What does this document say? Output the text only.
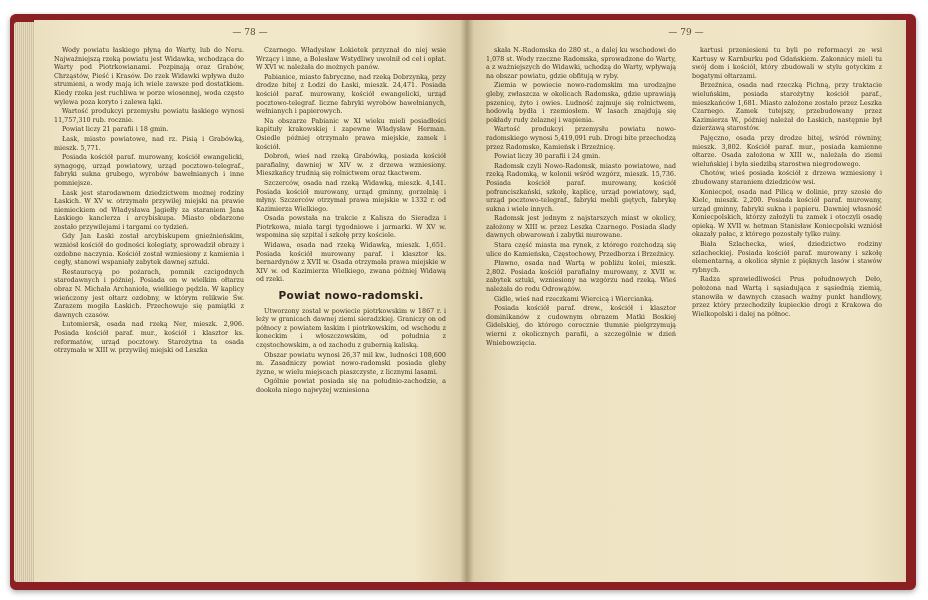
— 78 —

Wody powiatu łaskiego płyną do Warty, lub do Neru. Najważniejszą rzeką powiatu jest Widawka, wchodząca do Warty pod Piotrkowianami. Pozpinają oraz Grabów, Chrząstów, Pieść i Krasów. Do rzek Widawki wpływa dużo strumieni, a wody mają ich wiele zawsze pod dostatkiem. Kiedy rzeka jest ruchliwa w porze wiosennej, woda często wylewa poza koryto i zalewa łąki.

Wartość produkcyi przemysłu powiatu łaskiego wynosi 11,757,310 rub. rocznie.

Powiat liczy 21 parafii i 18 gmin.

Łask, miasto powiatowe, nad rz. Pisią i Grabówką, mieszk. 5,771.

Posiada kościół paraf. murowany, kościół ewangelicki, synagogę, urząd powiatowy, urząd pocztowo-telegraf., fabryki sukna grubego, wyrobów bawełnianych i inne pomniejsze.

Łask jest starodawnem dziedzictwem możnej rodziny Łaskich. W XV w. otrzymało przywilej miejski na prawie niemieckiem od Władysława Jagiełły za staraniem Jana Łaskiego kanclerza i arcybiskupa. Miasto obdarzone zostało przywilejami i targami co tydzień.

Gdy Jan Łaski został arcybiskupem gnieźnieńskim, wzniósł kościół do godności kolegiaty, sprowadził obrazy i ozdobne naczynia. Kościół został wzniesiony z kamienia i cegły, stanowi wspaniały zabytek dawnej sztuki.

Restauracyą po pożarach, pomnik czcigodnych starodawnych i później. Posiada on w wielkim ołtarzu obraz N. Michała Archanioła, wielkiego pędzla. W kaplicy wieńczony jest ołtarz ozdobny, w którym relikwie Św. Zarazem mogiła Łaskich. Przechowuje się pamiątki z dawnych czasów.

Łutomiersk, osada nad rzeką Ner, mieszk. 2,906. Posiada kościół paraf. mur., kościół i klasztor ks. reformatów, urząd pocztowy. Starożytna ta osada otrzymała w XIII w. przywilej miejski od Leszka

Czarnego. Władysław Łokietek przyznał do niej wsie Wrzący i inne, a Bolesław Wstydliwy uwolnił od ceł i opłat. W XVI w. należała do możnych panów.

Pabianice, miasto fabryczne, nad rzeką Dobrzynką, przy drodze bitej z Łodzi do Łaski, mieszk. 24,471. Posiada kościół paraf. murowany, kościół ewangelicki, urząd pocztowo-telegraf. liczne fabryki wyrobów bawełnianych, wełnianych i papierowych.

Na obszarze Pabianic w XI wieku mieli posiadłości kapituły krakowskiej i zapewne Władysław Herman. Osiedle później otrzymało prawa miejskie, zamek i kościół.

Dobroń, wieś nad rzeką Grabówką, posiada kościół parafialny, dawniej w XIV w. z drzewa wzniesiony. Mieszkańcy trudnią się rolnictwem oraz tkactwem.

Szczerców, osada nad rzeką Widawką, mieszk. 4,141. Posiada kościół murowany, urząd gminny, gorzelnię i młyny. Szczerców otrzymał prawa miejskie w 1332 r. od Kazimierza Wielkiego.

Osada powstała na trakcie z Kalisza do Sieradza i Piotrkowa, miała targi tygodniowe i jarmarki. W XV w. wspomina się szpital i szkołę przy kościele.

Widawa, osada nad rzeką Widawką, mieszk. 1,651. Posiada kościół murowany paraf. i klasztor ks. bernardynów z XVII w. Osada otrzymała prawa miejskie w XIV w. od Kazimierza Wielkiego, zwana później Widawą od rzeki.

Powiat nowo-radomski.

Utworzony został w powiecie piotrkowskim w 1867 r. i leży w granicach dawnej ziemi sieradzkiej. Graniczy on od północy z powiatem łaskim i piotrkowskim, od wschodu z koneckim i włoszczowskim, od południa z częstochowskim, a od zachodu z gubernią kaliską.

Obszar powiatu wynosi 26,37 mil kw., ludności 108,600 m. Zasadniczy powiat nowo-radomski posiada gleby żyzne, w wielu miejscach piaszczyste, z licznymi lasami.

Ogólnie powiat posiada się na południo-zachodzie, a dookoła niego najwyżej wzniesiona

— 79 —

skała N.-Radomska do 280 st., a dalej ku wschodowi do 1,078 st. Wody rzeczne Radomska, sprowadzone do Warty, a z ważniejszych do Widawki, uchodzą do Warty, wpływają na obszar powiatu, gdzie obfitują w ryby.

Ziemia w powiecie nowo-radomskim ma urodzajne gleby, zwłaszcza w okolicach Radomska, gdzie uprawiają pszenicę, żyto i owies. Ludność zajmuje się rolnictwem, hodowlą bydła i rzemiosłem. W lasach znajdują się pokłady rudy żelaznej i wapienia.

Wartość produkcyi przemysłu powiatu nowo-radomskiego wynosi 5,419,091 rub. Drogi bite przechodzą przez Radomsko, Kamieńsk i Brzeźnicę.

Powiat liczy 30 parafii i 24 gmin.

Radomsk czyli Nowo-Radomsk, miasto powiatowe, nad rzeką Radomką, w kolonii wśród wzgórz, mieszk. 15,736. Posiada kościół paraf. murowany, kościół pofranciszkański, szkołę, kaplicę, urząd powiatowy, sąd, urząd pocztowo-telegraf., fabryki mebli giętych, fabrykę sukna i wiele innych.

Radomsk jest jednym z najstarszych miast w okolicy, założony w XIII w. przez Leszka Czarnego. Posiada ślady dawnych obwarowań i zabytki murowane.

Stara część miasta ma rynek, z którego rozchodzą się ulice do Kamieńska, Częstochowy, Przedborza i Brzeźnicy.

Pławno, osada nad Wartą w pobliżu kolei, mieszk. 2,802. Posiada kościół parafialny murowany, z XVII w. zabytek sztuki, wzniesiony na wzgórzu nad rzeką. Wieś należała do rodu Odrowążów.

Gidle, wieś nad rzeczkami Wiercicą i Wiercianką.

Posiada kościół paraf. drew., kościół i klasztor dominikanów z cudownym obrazem Matki Boskiej Gidelskiej, do którego corocznie tłumnie pielgrzymują wierni z okolicznych parafii, a szczególnie w dzień Wniebowzięcia.

kartusi przeniesieni tu byli po reformacyi ze wsi Kartusy w Karnburku pod Gdańskiem. Zakonnicy mieli tu swój dom i kościół, który zbudowali w stylu gotyckim z bogatymi ołtarzami.

Brzeźnica, osada nad rzeczką Pichną, przy traktacie wieluńskim, posiada starożytny kościół paraf., mieszkańców 1,681. Miasto założone zostało przez Leszka Czarnego. Zamek tutejszy, przebudowany przez Kazimierza W., później należał do Łaskich, następnie był dzierżawą starostów.

Pajęczno, osada przy drodze bitej, wśród równiny, mieszk. 3,802. Kościół paraf. mur., posiada kamienne ołtarze. Osada założona w XIII w., należała do ziemi wieluńskiej i była siedzibą starostwa niegrodowego.

Chotów, wieś posiada kościół z drzewa wzniesiony i zbudowany staraniem dziedziców wsi.

Koniecpol, osada nad Pilicą w dolinie, przy szosie do Kielc, mieszk. 2,200. Posiada kościół paraf. murowany, urząd gminny, fabryki sukna i papieru. Dawniej własność Koniecpolskich, którzy założyli tu zamek i otoczyli osadę opieką. W XVII w. hetman Stanisław Koniecpolski wzniósł okazały pałac, z którego pozostały tylko ruiny.

Biała Szlachecka, wieś, dziedzictwo rodziny szlacheckiej. Posiada kościół paraf. murowany i szkołę elementarną, a okolica słynie z pięknych lasów i stawów rybnych.

Radza sprawiedliwości Prus połudnowych Deło, położona nad Wartą i sąsiadująca z sąsiednią ziemią, stanowiła w dawnych czasach ważny punkt handlowy, przez który przechodziły kupieckie drogi z Krakowa do Wielkopolski i dalej na północ.
